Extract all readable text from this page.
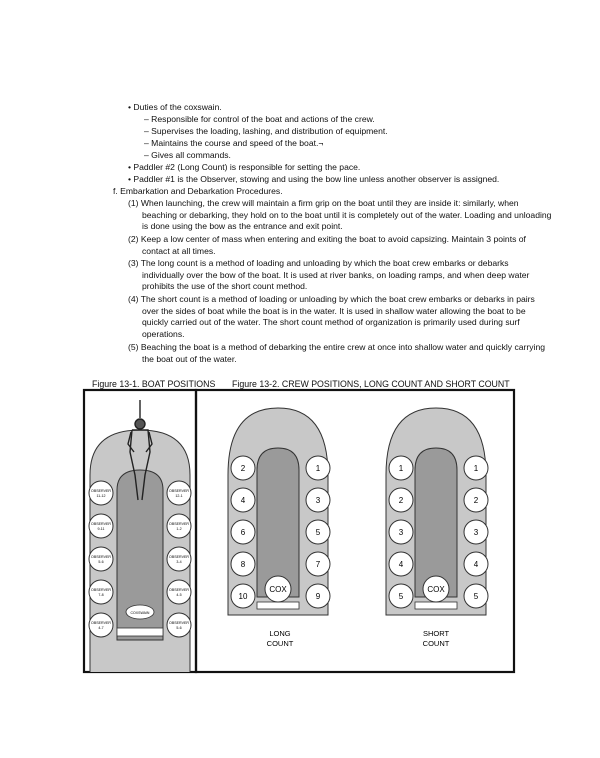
• Duties of the coxswain.
– Responsible for control of the boat and actions of the crew.
– Supervises the loading, lashing, and distribution of equipment.
– Maintains the course and speed of the boat.¬
– Gives all commands.
• Paddler #2 (Long Count) is responsible for setting the pace.
• Paddler #1 is the Observer, stowing and using the bow line unless another observer is assigned.
f. Embarkation and Debarkation Procedures.
(1) When launching, the crew will maintain a firm grip on the boat until they are inside it: similarly, when beaching or debarking, they hold on to the boat until it is completely out of the water. Loading and unloading is done using the bow as the entrance and exit point.
(2) Keep a low center of mass when entering and exiting the boat to avoid capsizing. Maintain 3 points of contact at all times.
(3) The long count is a method of loading and unloading by which the boat crew embarks or debarks individually over the bow of the boat. It is used at river banks, on loading ramps, and when deep water prohibits the use of the short count method.
(4) The short count is a method of loading or unloading by which the boat crew embarks or debarks in pairs over the sides of boat while the boat is in the water. It is used in shallow water allowing the boat to be quickly carried out of the water. The short count method of organization is primarily used during surf operations.
(5) Beaching the boat is a method of debarking the entire crew at once into shallow water and quickly carrying the boat out of the water.
Figure 13-1. BOAT POSITIONS Figure 13-2. CREW POSITIONS, LONG COUNT AND SHORT COUNT
COXSWAIN
OBSERVER
11-12
OBSERVER
9-11
OBSERVER
5-6
OBSERVER
7-8
OBSERVER
4-7
OBSERVER
12-1
OBSERVER
1-2
OBSERVER
3-4
OBSERVER
4-5
OBSERVER
5-6
2
4
6
8
10
1
3
5
7
9
COX
LONG
COUNT
1
2
3
4
5
1
2
3
4
5
COX
SHORT
COUNT
